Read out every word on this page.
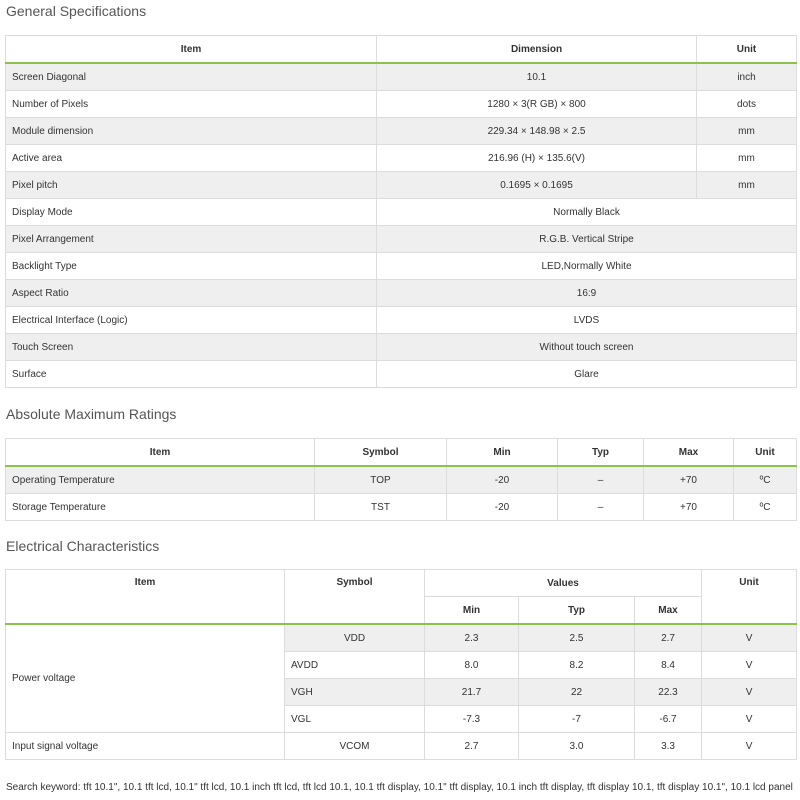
General Specifications
Item	Dimension	Unit
Screen Diagonal	10.1	inch
Number of Pixels	1280 × 3(R GB) × 800	dots
Module dimension	229.34 × 148.98 × 2.5	mm
Active area	216.96 (H) × 135.6(V)	mm
Pixel pitch	0.1695 × 0.1695	mm
Display Mode	Normally Black	
Pixel Arrangement	R.G.B. Vertical Stripe	
Backlight Type	LED,Normally White	
Aspect Ratio	16:9	
Electrical Interface (Logic)	LVDS	
Touch Screen	Without touch screen	
Surface	Glare	
Absolute Maximum Ratings
Item	Symbol	Min	Typ	Max	Unit
Operating Temperature	TOP	-20	–	+70	ºC
Storage Temperature	TST	-20	–	+70	ºC
Electrical Characteristics
Item	Symbol	Values			Unit
		Min	Typ	Max	
Power voltage	VDD	2.3	2.5	2.7	V
	AVDD	8.0	8.2	8.4	V
	VGH	21.7	22	22.3	V
	VGL	-7.3	-7	-6.7	V
Input signal voltage	VCOM	2.7	3.0	3.3	V
Search keyword: tft 10.1", 10.1 tft lcd, 10.1" tft lcd, 10.1 inch tft lcd, tft lcd 10.1, 10.1 tft display, 10.1" tft display, 10.1 inch tft display, tft display 10.1, tft display 10.1", 10.1 lcd panel
